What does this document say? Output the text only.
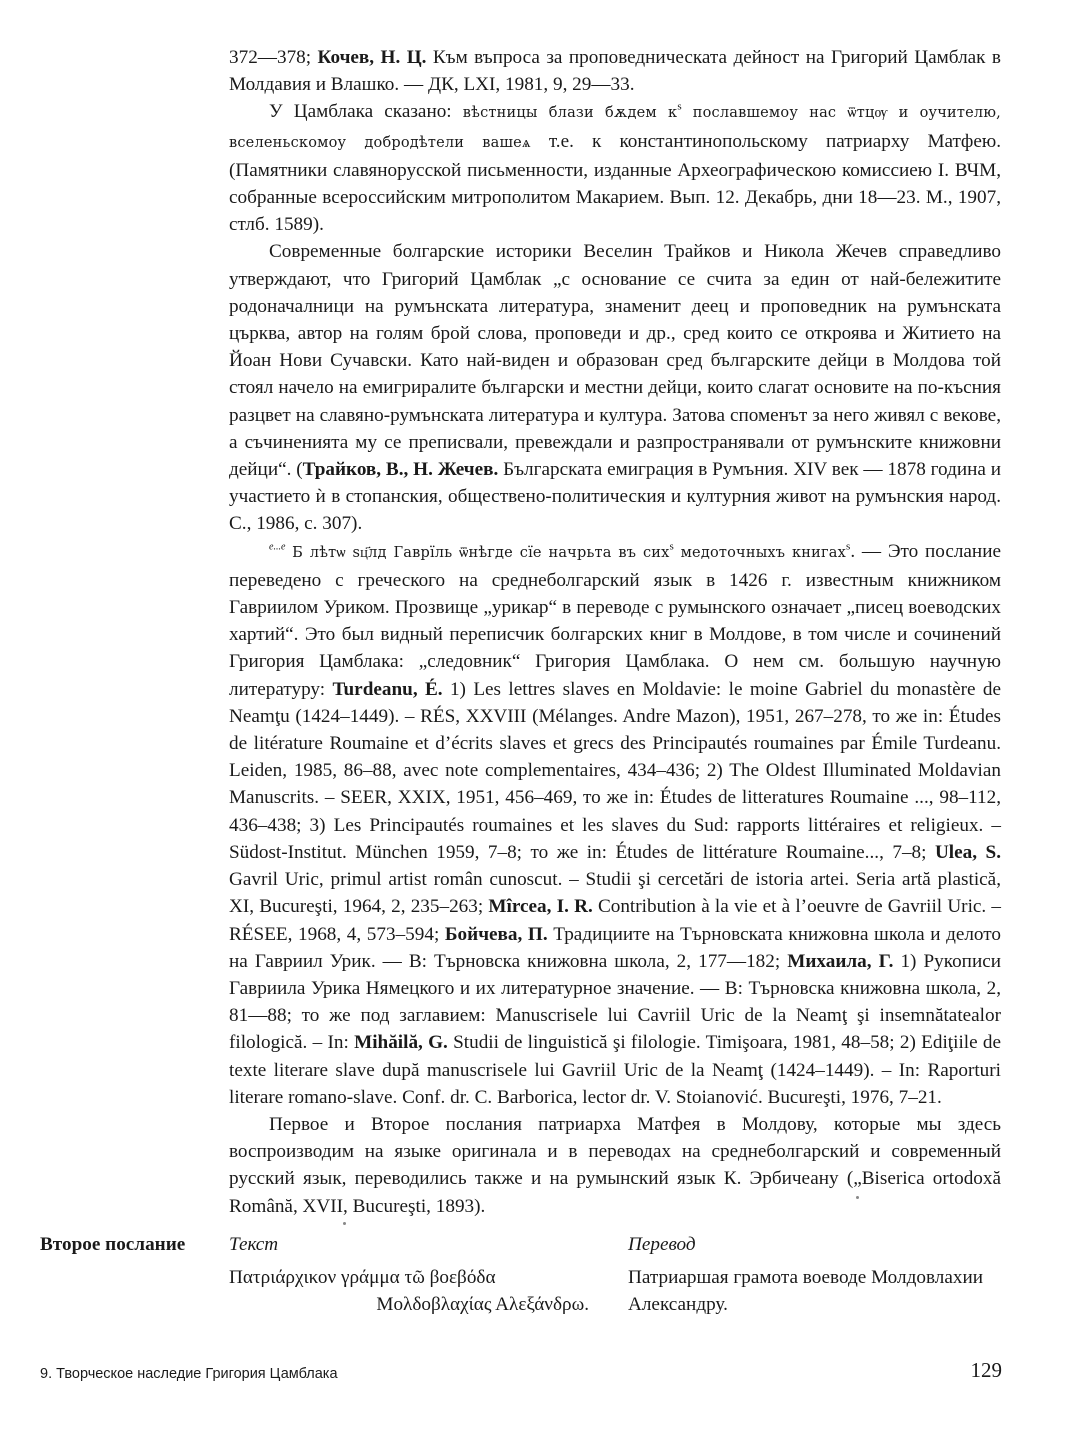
372—378; Кочев, Н. Ц. Към въпроса за проповедническата дейност на Григорий Цамблак в Молдавия и Влашко. — ДК, LXI, 1981, 9, 29—33.

У Цамблака сказано: вѣстницы блази бѫдем $к^ѕ$ пославшемоу нас ѿтцѹ и оучителю, вселеньскомоу добродѣтели вашеѧ т.е. к константинопольскому патриарху Матфею. (Памятники славянорусской письменности, изданные Археографическою комиссиею I. ВЧМ, собранные всероссийским митрополитом Макарием. Вып. 12. Декабрь, дни 18—23. М., 1907, стлб. 1589).

Современные болгарские историки Веселин Трайков и Никола Жечев справедливо утверждают, что Григорий Цамблак „с основание се счита за един от най-бележитите родоначалници на румънската литература, знаменит деец и проповедник на румънската църква, автор на голям брой слова, проповеди и др., сред които се откроява и Житието на Йоан Нови Сучавски. Като най-виден и образован сред българските дейци в Молдова той стоял начело на емигриралите български и местни дейци, които слагат основите на по-късния разцвет на славяно-румънската литература и култура. Затова споменът за него живял с векове, а съчиненията му се преписвали, превеждали и разпространявали от румънските книжовни дейци“. (Трайков, В., Н. Жечев. Българската емиграция в Румъния. XIV век — 1878 година и участието ѝ в стопанския, обществено-политическия и културния живот на румънския народ. С., 1986, с. 307).

$^{e...e}$ Б лѣтѡ ѕц҃лд Гаврїль ѿнѣгде сїе начрьта въ сих$^ѕ$ медоточныхъ книгах$^ѕ$. — Это послание переведено с греческого на среднеболгарский язык в 1426 г. известным книжником Гавриилом Уриком. Прозвище „урикар“ в переводе с румынского означает „писец воеводских хартий“. Это был видный переписчик болгарских книг в Молдове, в том числе и сочинений Григория Цамблака: „следовник“ Григория Цамблака. О нем см. большую научную литературу: Turdeanu, É. 1) Les lettres slaves en Moldavie: le moine Gabriel du monastère de Neamţu (1424–1449). – RÉS, XXVIII (Mélanges. Andre Mazon), 1951, 267–278, то же in: Études de litérature Roumaine et d’écrits slaves et grecs des Principautés roumaines par Émile Turdeanu. Leiden, 1985, 86–88, avec note complementaires, 434–436; 2) The Oldest Illuminated Moldavian Manuscrits. – SEER, XXIX, 1951, 456–469, то же in: Études de litteratures Roumaine ..., 98–112, 436–438; 3) Les Principautés roumaines et les slaves du Sud: rapports littéraires et religieux. – Südost-Institut. München 1959, 7–8; то же in: Études de littérature Roumaine..., 7–8; Ulea, S. Gavril Uric, primul artist român cunoscut. – Studii şi cercetări de istoria artei. Seria artă plastică, XI, Bucureşti, 1964, 2, 235–263; Mîrcea, I. R. Contribution à la vie et à l’oeuvre de Gavriil Uric. – RÉSEE, 1968, 4, 573–594; Бойчева, П. Традициите на Търновската книжовна школа и делото на Гавриил Урик. — В: Търновска книжовна школа, 2, 177—182; Михаила, Г. 1) Рукописи Гавриила Урика Нямецкого и их литературное значение. — В: Търновска книжовна школа, 2, 81—88; то же под заглавием: Manuscrisele lui Cavriil Uric de la Neamţ şi insemnătatealor filologică. – In: Mihăilă, G. Studii de linguistică şi filologie. Timişoara, 1981, 48–58; 2) Ediţiile de texte literare slave după manuscrisele lui Gavriil Uric de la Neamţ (1424–1449). – In: Raporturi literare romano-slave. Conf. dr. C. Barborica, lector dr. V. Stoianović. Bucureşti, 1976, 7–21.

Первое и Второе послания патриарха Матфея в Молдову, которые мы здесь воспроизводим на языке оригинала и в переводах на среднеболгарский и современный русский язык, переводились также и на румынский язык К. Эрбичеану („Biserica ortodoxă Română, XVII, Bucureşti, 1893).

Второе послание Текст	Перевод
Πατριάρχικον γράμμα τῶ βοεβόδα
Μολδοβλαχίας Αλεξάνδρω.
Патриаршая грамота воеводе Молдовлахии Александру.
9. Творческое наследие Григория Цамблака	129
